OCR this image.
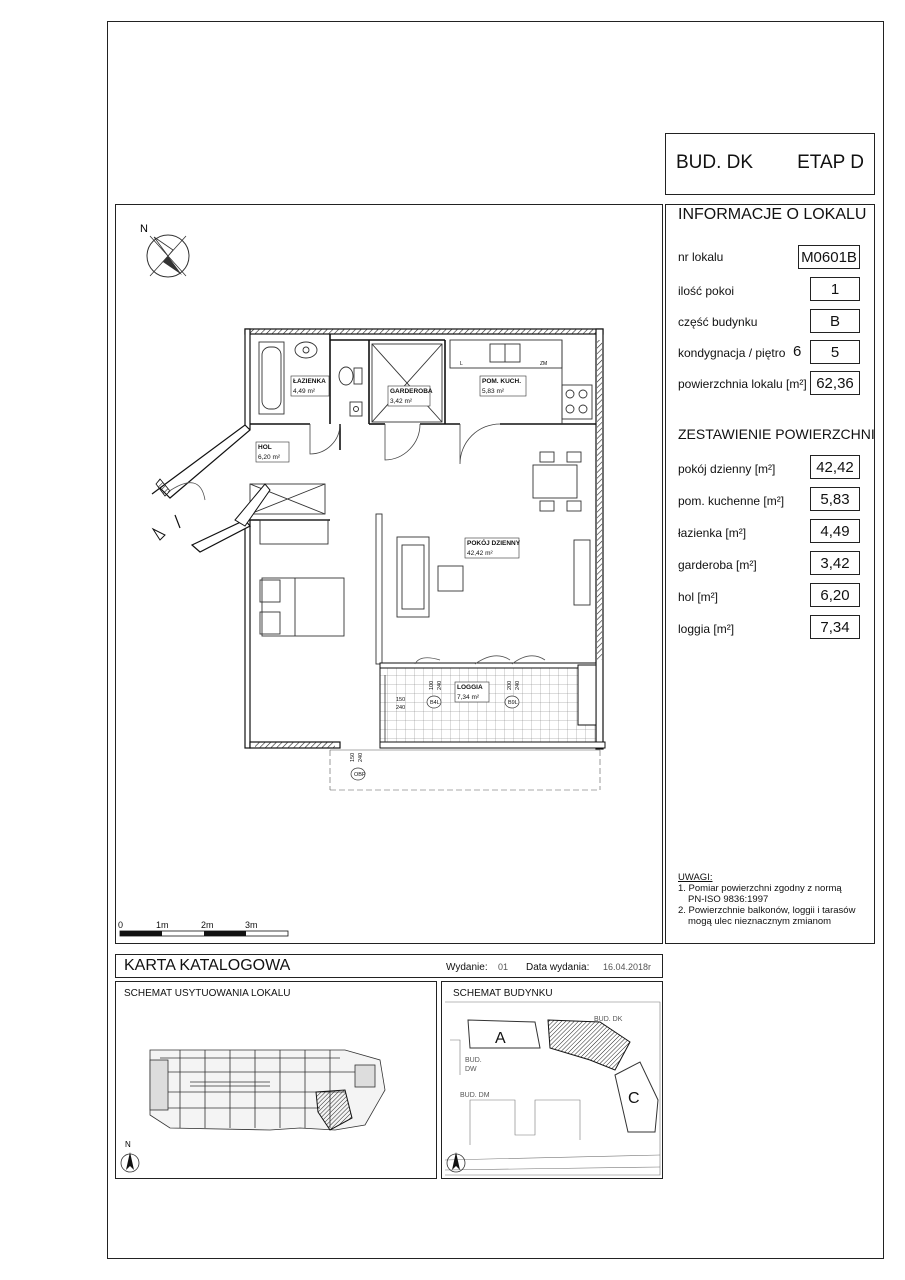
BUD. DK ETAP D
INFORMACJE O LOKALU
nr lokalu	M0601B
ilość pokoi	1
część budynku	B
kondygnacja / piętro 6	5
powierzchnia lokalu [m²] 62,36
ZESTAWIENIE POWIERZCHNI
pokój dzienny [m²]	42,42
pom. kuchenne [m²]	5,83
łazienka [m²]	4,49
garderoba [m²]	3,42
hol [m²]	6,20
loggia [m²]	7,34
UWAGI:
1. Pomiar powierzchni zgodny z normą
PN-ISO 9836:1997
2. Powierzchnie balkonów, loggii i tarasów
mogą ulec nieznacznym zmianom
N
L	ZM
ŁAZIENKA
4,49 m²	GARDEROBA
3,42 m²
POM. KUCH.
5,83 m²
HOL
6,20 m²
POKÓJ DZIENNY
42,42 m²
LOGGIA
7,34 m²
150
240
100 240	200 240
150 240
B4L	B9L
OBP
0	1m	2m	3m
KARTA KATALOGOWA	Wydanie: 01 Data wydania: 16.04.2018r
SCHEMAT USYTUOWANIA LOKALU
N
SCHEMAT BUDYNKU
A
C
BUD. DK
BUD.
DW
BUD. DM
